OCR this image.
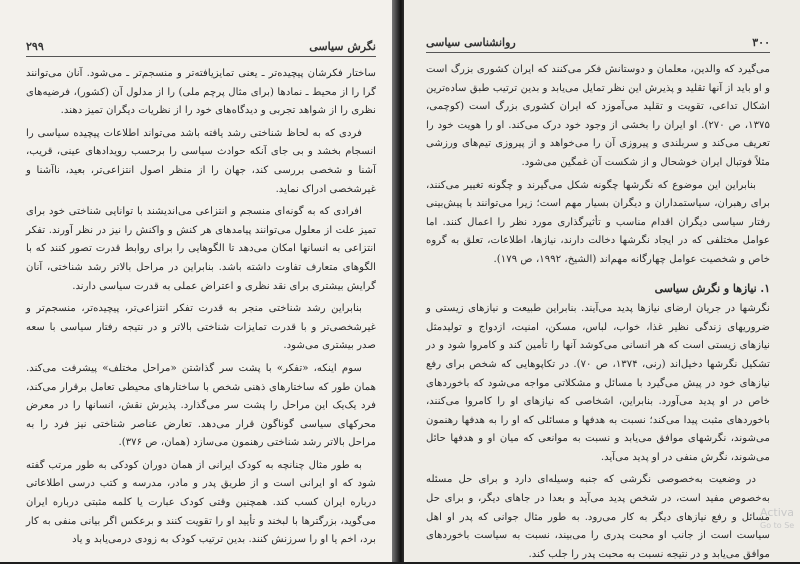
نگرش سیاسی
۲۹۹

ساختار فکرشان پیچیده‌تر ـ یعنی تمایزیافته‌تر و منسجم‌تر ـ می‌شود. آنان می‌توانند گرا را از محیط ـ نمادها (برای مثال پرچم ملی) را از مدلول آن (کشور)، فرضیه‌های نظری را از شواهد تجربی و دیدگاه‌های خود را از نظریات دیگران تمیز دهند.

فردی که به لحاظ شناختی رشد یافته باشد می‌تواند اطلاعات پیچیده سیاسی را انسجام بخشد و بی جای آنکه حوادث سیاسی را برحسب رویدادهای عینی، قریب، آشنا و شخصی بررسی کند، جهان را از منظر اصول انتزاعی‌تر، بعید، ناآشنا و غیرشخصی ادراک نماید.

افرادی که به گونه‌ای منسجم و انتزاعی می‌اندیشند با توانایی شناختی خود برای تمیز علت از معلول می‌توانند پیامدهای هر کنش و واکنش را نیز در نظر آورند. تفکر انتزاعی به انسانها امکان می‌دهد تا الگوهایی را برای روابط قدرت تصور کنند که با الگوهای متعارف تفاوت داشته باشد. بنابراین در مراحل بالاتر رشد شناختی، آنان گرایش بیشتری برای نقد نظری و اعتراض عملی به قدرت سیاسی دارند.

بنابراین رشد شناختی منجر به قدرت تفکر انتزاعی‌تر، پیچیده‌تر، منسجم‌تر و غیرشخصی‌تر و با قدرت تمایزات شناختی بالاتر و در نتیجه رفتار سیاسی با سعه صدر بیشتری می‌شود.

سوم اینکه، «تفکر» با پشت سر گذاشتن «مراحل مختلف» پیشرفت می‌کند. همان طور که ساختارهای ذهنی شخص با ساختارهای محیطی تعامل برقرار می‌کند، فرد یک‌یک این مراحل را پشت سر می‌گذارد. پذیرش نقش، انسانها را در معرض محرکهای سیاسی گوناگون قرار می‌دهد. تعارض عناصر شناختی نیز فرد را به مراحل بالاتر رشد شناختی رهنمون می‌سازد (همان، ص ۳۷۶).

به طور مثال چنانچه به کودک ایرانی از همان دوران کودکی به طور مرتب گفته شود که او ایرانی است و از طریق پدر و مادر، مدرسه و کتب درسی اطلاعاتی درباره ایران کسب کند. همچنین وقتی کودک عبارت یا کلمه مثبتی درباره ایران می‌گوید، بزرگترها با لبخند و تأیید او را تقویت کنند و برعکس اگر بیانی منفی به کار برد، اخم یا او را سرزنش کنند. بدین ترتیب کودک به زودی درمی‌یابد و یاد

۳۰۰
روانشناسی سیاسی

می‌گیرد که والدین، معلمان و دوستانش فکر می‌کنند که ایران کشوری بزرگ است و او باید از آنها تقلید و پذیرش این نظر تمایل می‌یابد و بدین ترتیب طبق ساده‌ترین اشکال تداعی، تقویت و تقلید می‌آموزد که ایران کشوری بزرگ است (کوچمی، ۱۳۷۵، ص ۲۷۰). او ایران را بخشی از وجود خود درک می‌کند. او را هویت خود را تعریف می‌کند و سربلندی و پیروزی آن را می‌خواهد و از پیروزی تیم‌های ورزشی مثلاً فوتبال ایران خوشحال و از شکست آن غمگین می‌شود.

بنابراین این موضوع که نگرشها چگونه شکل می‌گیرند و چگونه تغییر می‌کنند، برای رهبران، سیاستمداران و دیگران بسیار مهم است؛ زیرا می‌توانند با پیش‌بینی رفتار سیاسی دیگران اقدام مناسب و تأثیرگذاری مورد نظر را اعمال کنند. اما عوامل مختلفی که در ایجاد نگرشها دخالت دارند، نیازها، اطلاعات، تعلق به گروه خاص و شخصیت عوامل چهارگانه مهم‌اند (الشیخ، ۱۹۹۲، ص ۱۷۹).

۱. نیازها و نگرش سیاسی

نگرشها در جریان ارضای نیازها پدید می‌آیند. بنابراین طبیعت و نیازهای زیستی و ضروریهای زندگی نظیر غذا، خواب، لباس، مسکن، امنیت، ازدواج و تولیدمثل نیازهای زیستی است که هر انسانی می‌کوشد آنها را تأمین کند و کامروا شود و در تشکیل نگرشها دخیل‌اند (رنی، ۱۳۷۴، ص ۷۰). در تکاپوهایی که شخص برای رفع نیازهای خود در پیش می‌گیرد با مسائل و مشکلاتی مواجه می‌شود که باخوردهای خاص در او پدید می‌آورد. بنابراین، اشخاصی که نیازهای او را کامروا می‌کنند، باخوردهای مثبت پیدا می‌کند؛ نسبت به هدفها و مسائلی که او را به هدفها رهنمون می‌شوند، نگرشهای موافق می‌یابد و نسبت به موانعی که میان او و هدفها حائل می‌شوند، نگرش منفی در او پدید می‌آید.

در وضعیت به‌خصوصی نگرشی که جنبه وسیله‌ای دارد و برای حل مسئله به‌خصوص مفید است، در شخص پدید می‌آید و بعدا در جاهای دیگر، و برای حل مسائل و رفع نیازهای دیگر به کار می‌رود. به طور مثال جوانی که پدر او اهل سیاست است از جانب او محبت پدری را می‌بیند، نسبت به سیاست باخوردهای موافق می‌یابد و در نتیجه نسبت به محبت پدر را جلب کند.

Activa
Go to Se
